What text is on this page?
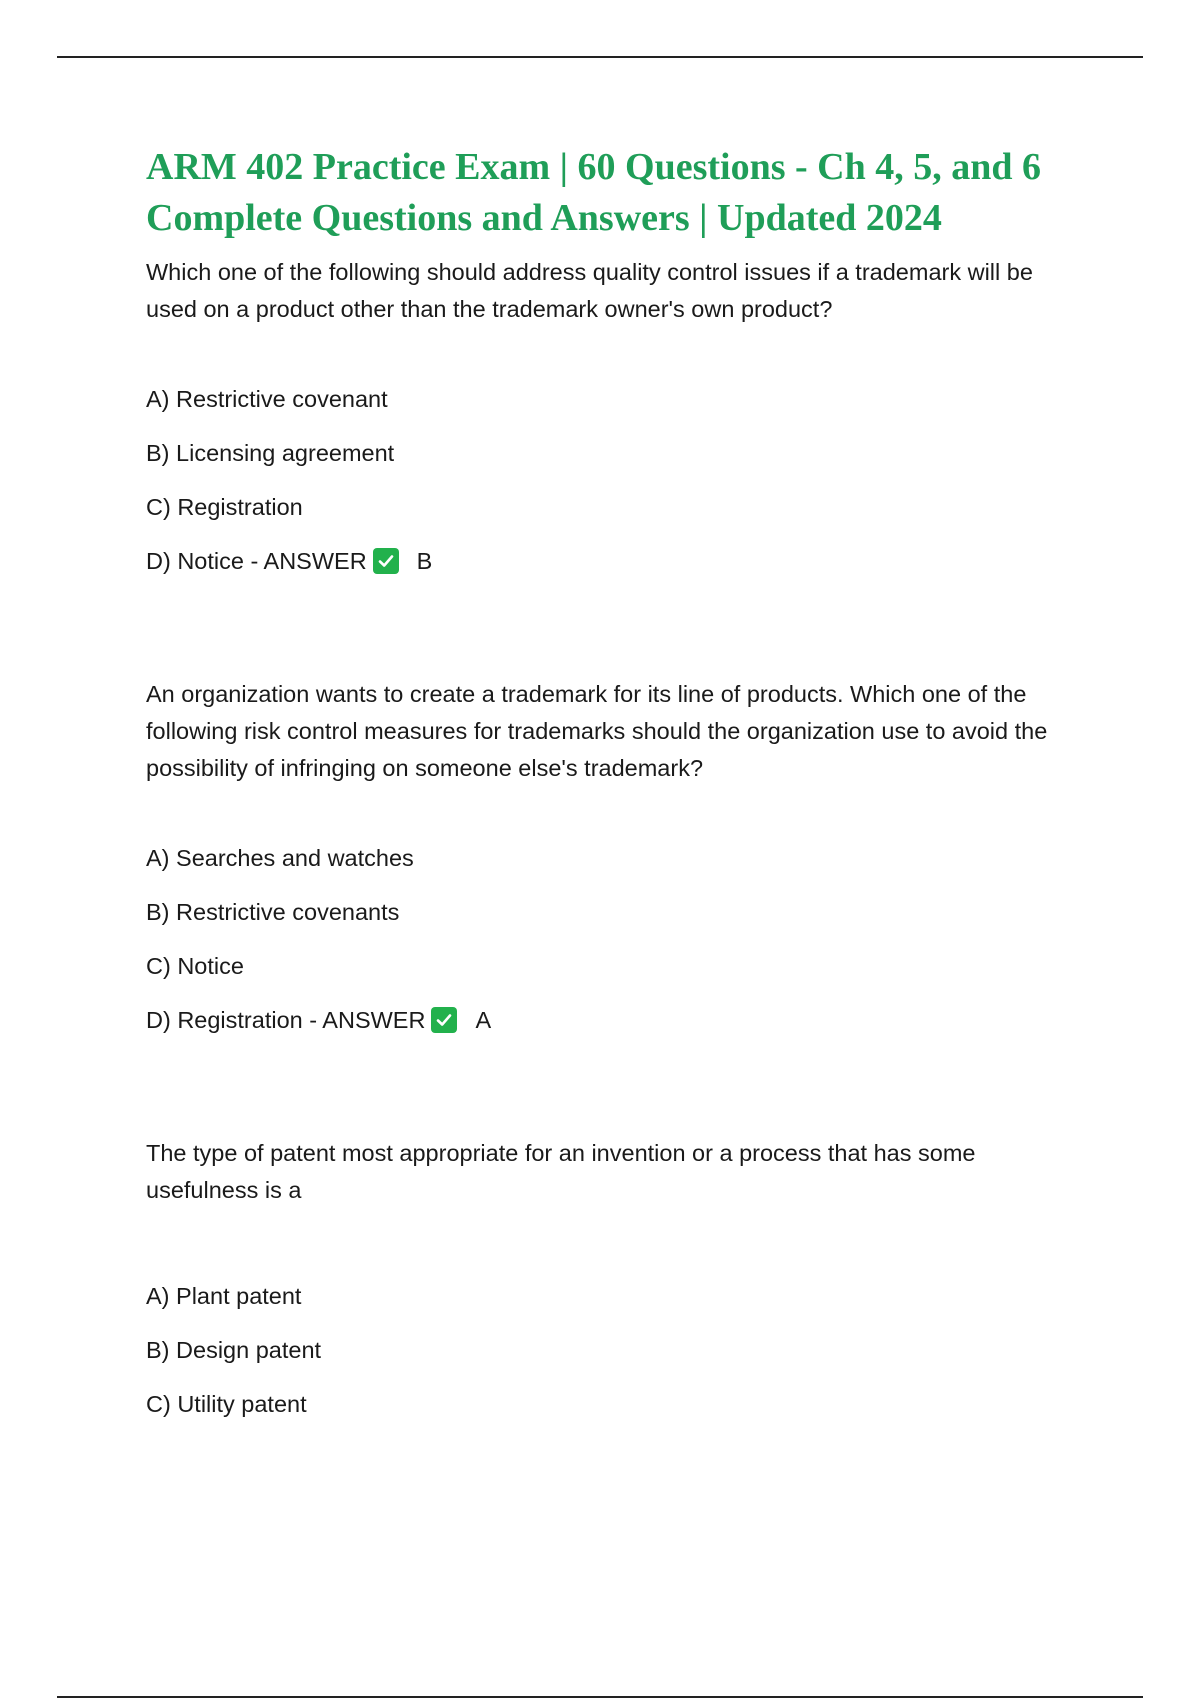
ARM 402 Practice Exam | 60 Questions - Ch 4, 5, and 6 Complete Questions and Answers | Updated 2024

Which one of the following should address quality control issues if a trademark will be used on a product other than the trademark owner's own product?

A) Restrictive covenant

B) Licensing agreement

C) Registration

D) Notice - ANSWER B

An organization wants to create a trademark for its line of products. Which one of the following risk control measures for trademarks should the organization use to avoid the possibility of infringing on someone else's trademark?

A) Searches and watches

B) Restrictive covenants

C) Notice

D) Registration - ANSWER A

The type of patent most appropriate for an invention or a process that has some usefulness is a

A) Plant patent

B) Design patent

C) Utility patent
